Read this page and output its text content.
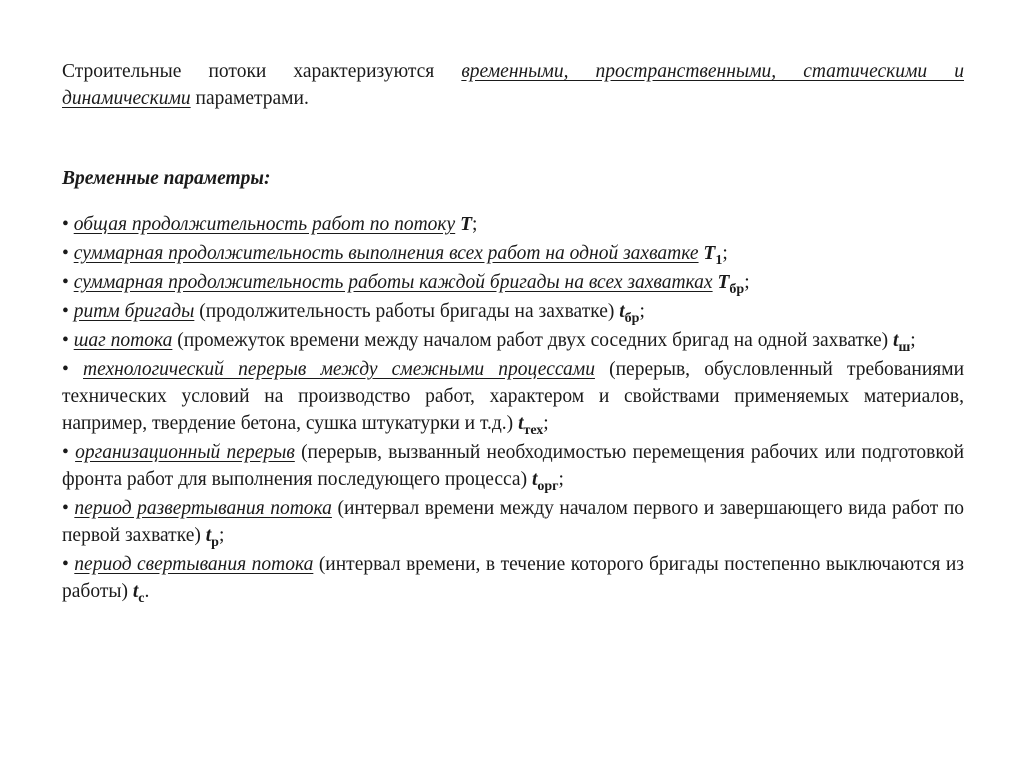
Строительные потоки характеризуются временными, пространственными, статическими и динамическими параметрами.

Временные параметры:

• общая продолжительность работ по потоку T;

• суммарная продолжительность выполнения всех работ на одной захватке $T_1$;

• суммарная продолжительность работы каждой бригады на всех захватках $T_{бр}$;

• ритм бригады (продолжительность работы бригады на захватке) $t_{бр}$;

• шаг потока (промежуток времени между началом работ двух соседних бригад на одной захватке) $t_ш$;

• технологический перерыв между смежными процессами (перерыв, обусловленный требованиями технических условий на производство работ, характером и свойствами применяемых материалов, например, твердение бетона, сушка штукатурки и т.д.) $t_{тех}$;

• организационный перерыв (перерыв, вызванный необходимостью перемещения рабочих или подготовкой фронта работ для выполнения последующего процесса) $t_{орг}$;

• период развертывания потока (интервал времени между началом первого и завершающего вида работ по первой захватке) $t_р$;

• период свертывания потока (интервал времени, в течение которого бригады постепенно выключаются из работы) $t_с$.
